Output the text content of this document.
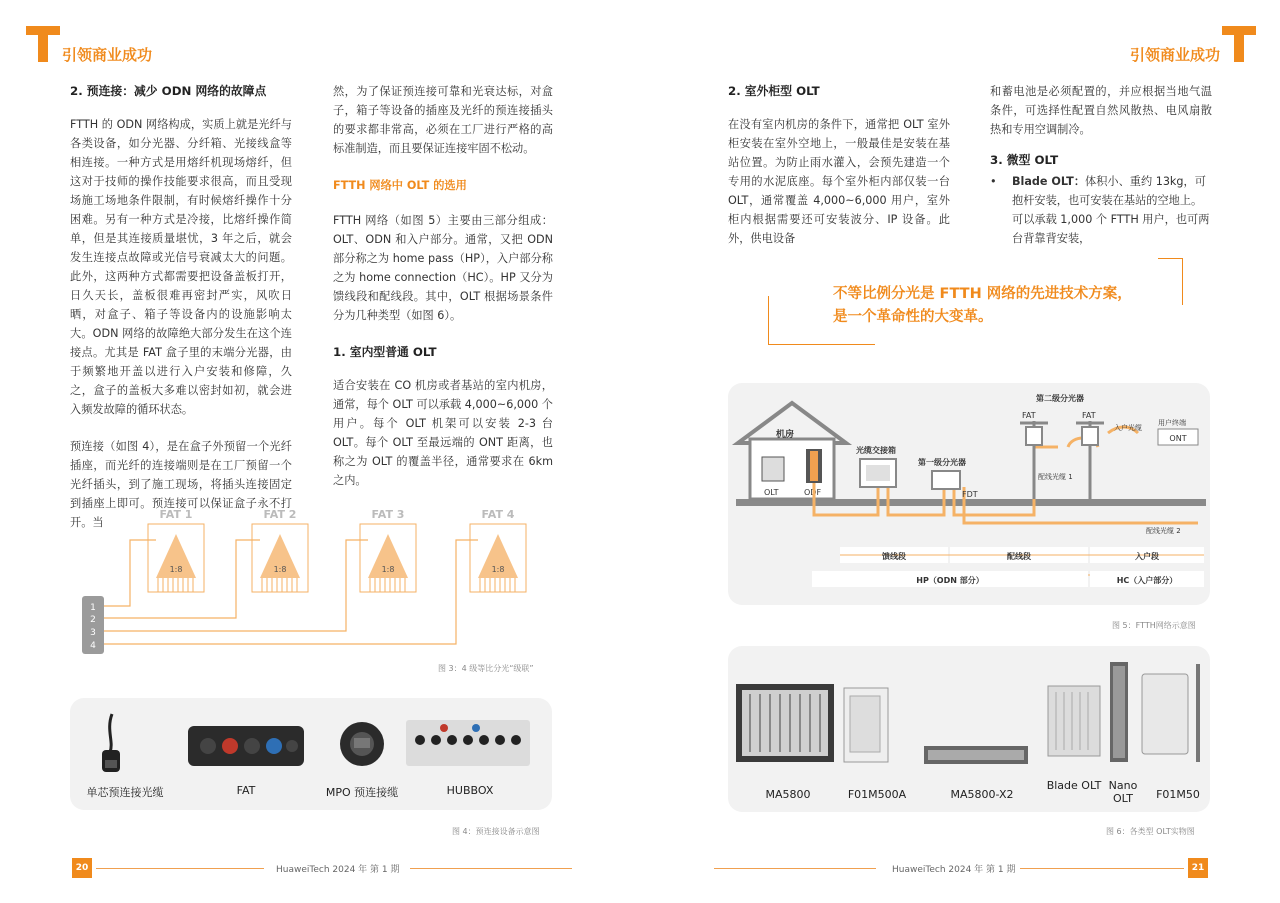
引领商业成功	引领商业成功
2. 预连接：减少 ODN 网络的故障点

FTTH 的 ODN 网络构成，实质上就是光纤与各类设备，如分光器、分纤箱、光接线盒等相连接。一种方式是用熔纤机现场熔纤，但这对于技师的操作技能要求很高，而且受现场施工场地条件限制，有时候熔纤操作十分困难。另有一种方式是冷接，比熔纤操作简单，但是其连接质量堪忧，3 年之后，就会发生连接点故障或光信号衰减太大的问题。此外，这两种方式都需要把设备盖板打开，日久天长，盖板很难再密封严实，风吹日晒，对盒子、箱子等设备内的设施影响太大。ODN 网络的故障绝大部分发生在这个连接点。尤其是 FAT 盒子里的末端分光器，由于频繁地开盖以进行入户安装和修障，久之，盒子的盖板大多难以密封如初，就会进入频发故障的循环状态。

预连接（如图 4），是在盒子外预留一个光纤插座，而光纤的连接端则是在工厂预留一个光纤插头，到了施工现场，将插头连接固定到插座上即可。预连接可以保证盒子永不打开。当

然，为了保证预连接可靠和光衰达标，对盒子，箱子等设备的插座及光纤的预连接插头的要求都非常高，必须在工厂进行严格的高标准制造，而且要保证连接牢固不松动。

FTTH 网络中 OLT 的选用

FTTH 网络（如图 5）主要由三部分组成：OLT、ODN 和入户部分。通常，又把 ODN 部分称之为 home pass（HP），入户部分称之为 home connection（HC）。HP 又分为馈线段和配线段。其中，OLT 根据场景条件分为几种类型（如图 6）。

1. 室内型普通 OLT

适合安装在 CO 机房或者基站的室内机房，通常，每个 OLT 可以承载 4,000~6,000 个用户。每个 OLT 机架可以安装 2-3 台 OLT。每个 OLT 至最远端的 ONT 距离，也称之为 OLT 的覆盖半径，通常要求在 6km 之内。

FAT 1
1:8
FAT 2
1:8
FAT 3
1:8
FAT 4
1:8
1
2
3
4
图 3：4 级等比分光“级联”
单芯预连接光缆	FAT	MPO 预连接缆	HUBBOX
图 4：预连接设备示意图
2. 室外柜型 OLT

在没有室内机房的条件下，通常把 OLT 室外柜安装在室外空地上，一般最佳是安装在基站位置。为防止雨水灌入，会预先建造一个专用的水泥底座。每个室外柜内部仅装一台 OLT，通常覆盖 4,000~6,000 用户，室外柜内根据需要还可安装波分、IP 设备。此外，供电设备

和蓄电池是必须配置的，并应根据当地气温条件，可选择性配置自然风散热、电风扇散热和专用空调制冷。

3. 微型 OLT
•	Blade OLT：体积小、重约 13kg，可抱杆安装，也可安装在基站的空地上。可以承载 1,000 个 FTTH 用户，也可两台背靠背安装，
不等比例分光是 FTTH 网络的先进技术方案，
是一个革命性的大变革。
机房
OLT	ODF
光缆交接箱
第一级分光器
FDT
第二级分光器
FAT	FAT
配线光缆 1
入户光缆
用户终端
ONT
配线光缆 2
馈线段	配线段	入户段
HP（ODN 部分）	HC（入户部分）
图 5：FTTH网络示意图
MA5800	F01M500A	MA5800-X2
Blade OLT Nano OLT	F01M50
图 6：各类型 OLT实物图
20	HuaweiTech 2024 年 第 1 期	HuaweiTech 2024 年 第 1 期	21
